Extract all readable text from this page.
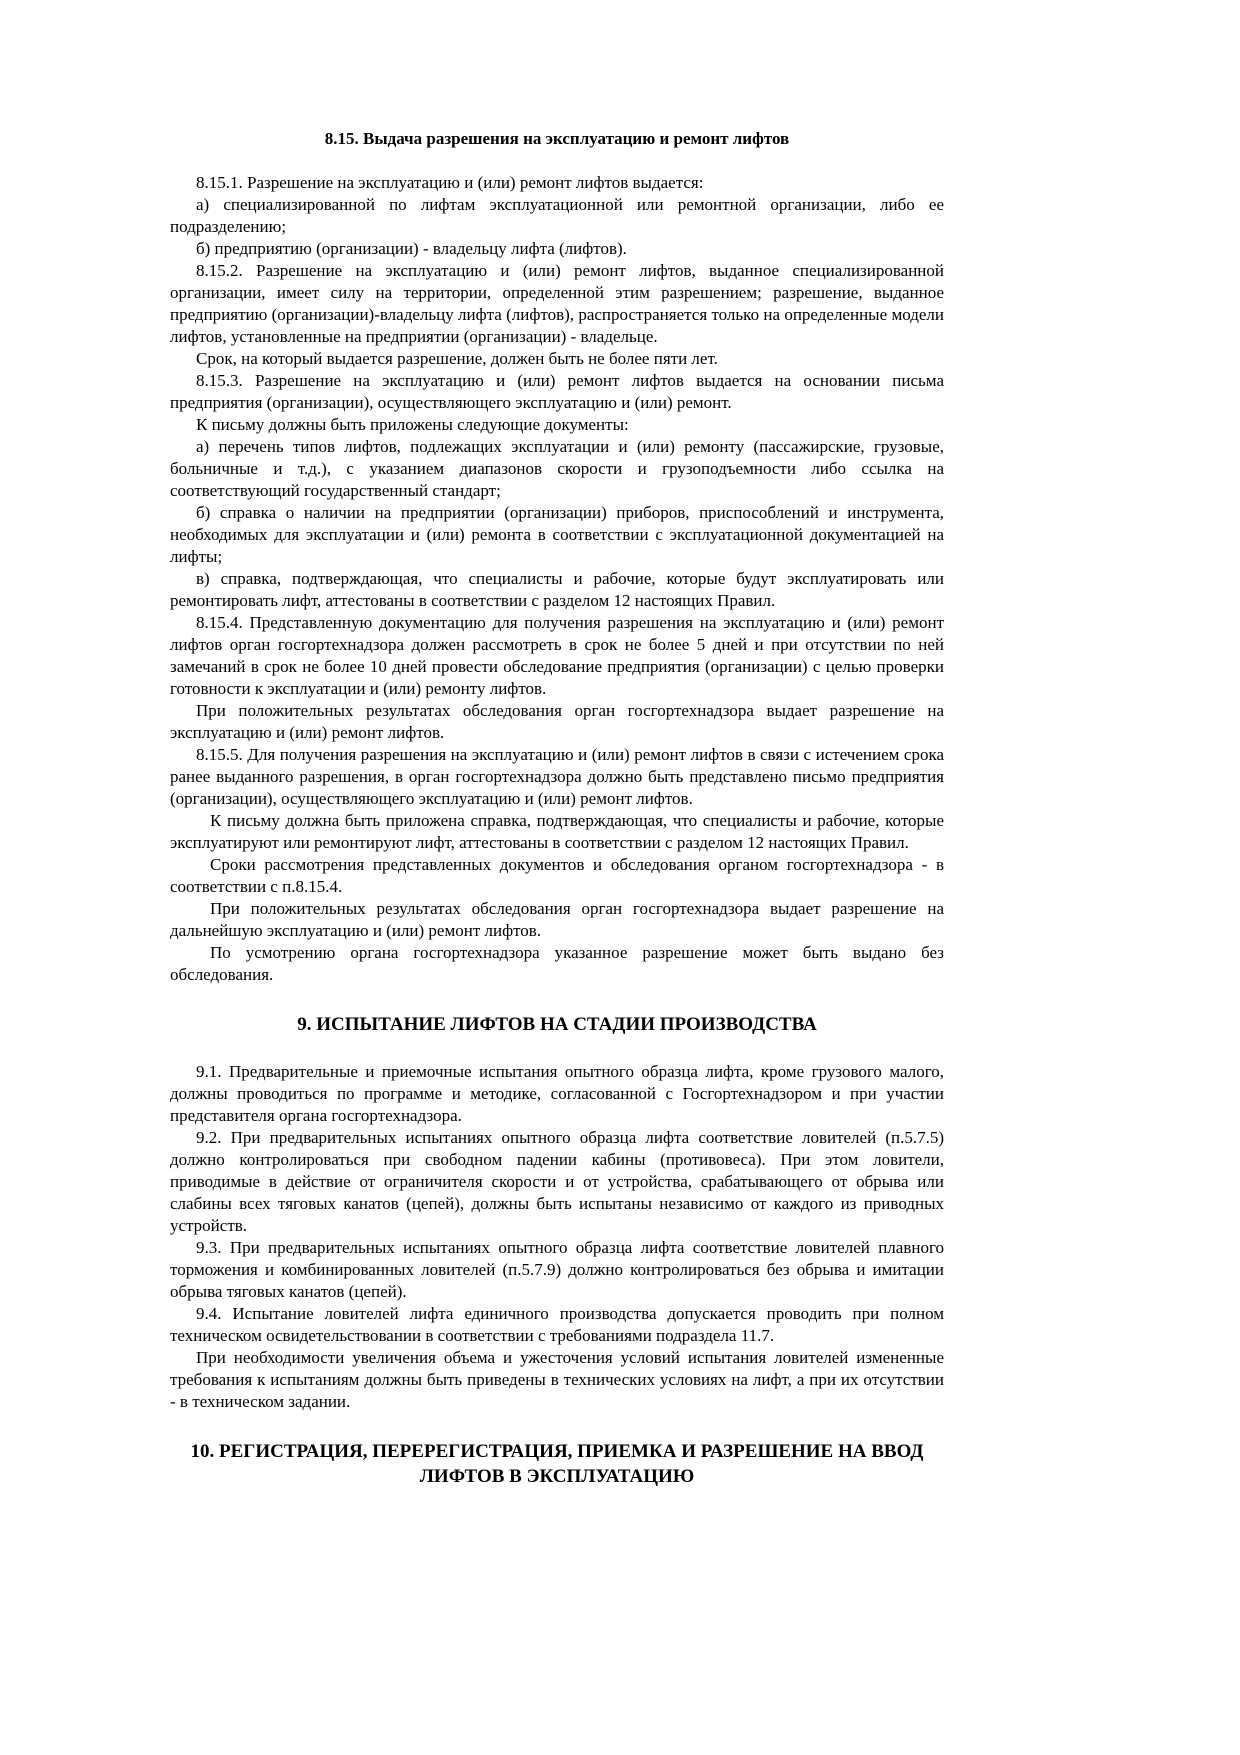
8.15. Выдача разрешения на эксплуатацию и ремонт лифтов

8.15.1. Разрешение на эксплуатацию и (или) ремонт лифтов выдается:

а) специализированной по лифтам эксплуатационной или ремонтной организации, либо ее подразделению;

б) предприятию (организации) - владельцу лифта (лифтов).

8.15.2. Разрешение на эксплуатацию и (или) ремонт лифтов, выданное специализированной организации, имеет силу на территории, определенной этим разрешением; разрешение, выданное предприятию (организации)-владельцу лифта (лифтов), распространяется только на определенные модели лифтов, установленные на предприятии (организации) - владельце.

Срок, на который выдается разрешение, должен быть не более пяти лет.

8.15.3. Разрешение на эксплуатацию и (или) ремонт лифтов выдается на основании письма предприятия (организации), осуществляющего эксплуатацию и (или) ремонт.

К письму должны быть приложены следующие документы:

а) перечень типов лифтов, подлежащих эксплуатации и (или) ремонту (пассажирские, грузовые, больничные и т.д.), с указанием диапазонов скорости и грузоподъемности либо ссылка на соответствующий государственный стандарт;

б) справка о наличии на предприятии (организации) приборов, приспособлений и инструмента, необходимых для эксплуатации и (или) ремонта в соответствии с эксплуатационной документацией на лифты;

в) справка, подтверждающая, что специалисты и рабочие, которые будут эксплуатировать или ремонтировать лифт, аттестованы в соответствии с разделом 12 настоящих Правил.

8.15.4. Представленную документацию для получения разрешения на эксплуатацию и (или) ремонт лифтов орган госгортехнадзора должен рассмотреть в срок не более 5 дней и при отсутствии по ней замечаний в срок не более 10 дней провести обследование предприятия (организации) с целью проверки готовности к эксплуатации и (или) ремонту лифтов.

При положительных результатах обследования орган госгортехнадзора выдает разрешение на эксплуатацию и (или) ремонт лифтов.

8.15.5. Для получения разрешения на эксплуатацию и (или) ремонт лифтов в связи с истечением срока ранее выданного разрешения, в орган госгортехнадзора должно быть представлено письмо предприятия (организации), осуществляющего эксплуатацию и (или) ремонт лифтов.

К письму должна быть приложена справка, подтверждающая, что специалисты и рабочие, которые эксплуатируют или ремонтируют лифт, аттестованы в соответствии с разделом 12 настоящих Правил.

Сроки рассмотрения представленных документов и обследования органом госгортехнадзора - в соответствии с п.8.15.4.

При положительных результатах обследования орган госгортехнадзора выдает разрешение на дальнейшую эксплуатацию и (или) ремонт лифтов.

По усмотрению органа госгортехнадзора указанное разрешение может быть выдано без обследования.

9. ИСПЫТАНИЕ ЛИФТОВ НА СТАДИИ ПРОИЗВОДСТВА

9.1. Предварительные и приемочные испытания опытного образца лифта, кроме грузового малого, должны проводиться по программе и методике, согласованной с Госгортехнадзором и при участии представителя органа госгортехнадзора.

9.2. При предварительных испытаниях опытного образца лифта соответствие ловителей (п.5.7.5) должно контролироваться при свободном падении кабины (противовеса). При этом ловители, приводимые в действие от ограничителя скорости и от устройства, срабатывающего от обрыва или слабины всех тяговых канатов (цепей), должны быть испытаны независимо от каждого из приводных устройств.

9.3. При предварительных испытаниях опытного образца лифта соответствие ловителей плавного торможения и комбинированных ловителей (п.5.7.9) должно контролироваться без обрыва и имитации обрыва тяговых канатов (цепей).

9.4. Испытание ловителей лифта единичного производства допускается проводить при полном техническом освидетельствовании в соответствии с требованиями подраздела 11.7.

При необходимости увеличения объема и ужесточения условий испытания ловителей измененные требования к испытаниям должны быть приведены в технических условиях на лифт, а при их отсутствии - в техническом задании.

10. РЕГИСТРАЦИЯ, ПЕРЕРЕГИСТРАЦИЯ, ПРИЕМКА И РАЗРЕШЕНИЕ НА ВВОД ЛИФТОВ В ЭКСПЛУАТАЦИЮ
